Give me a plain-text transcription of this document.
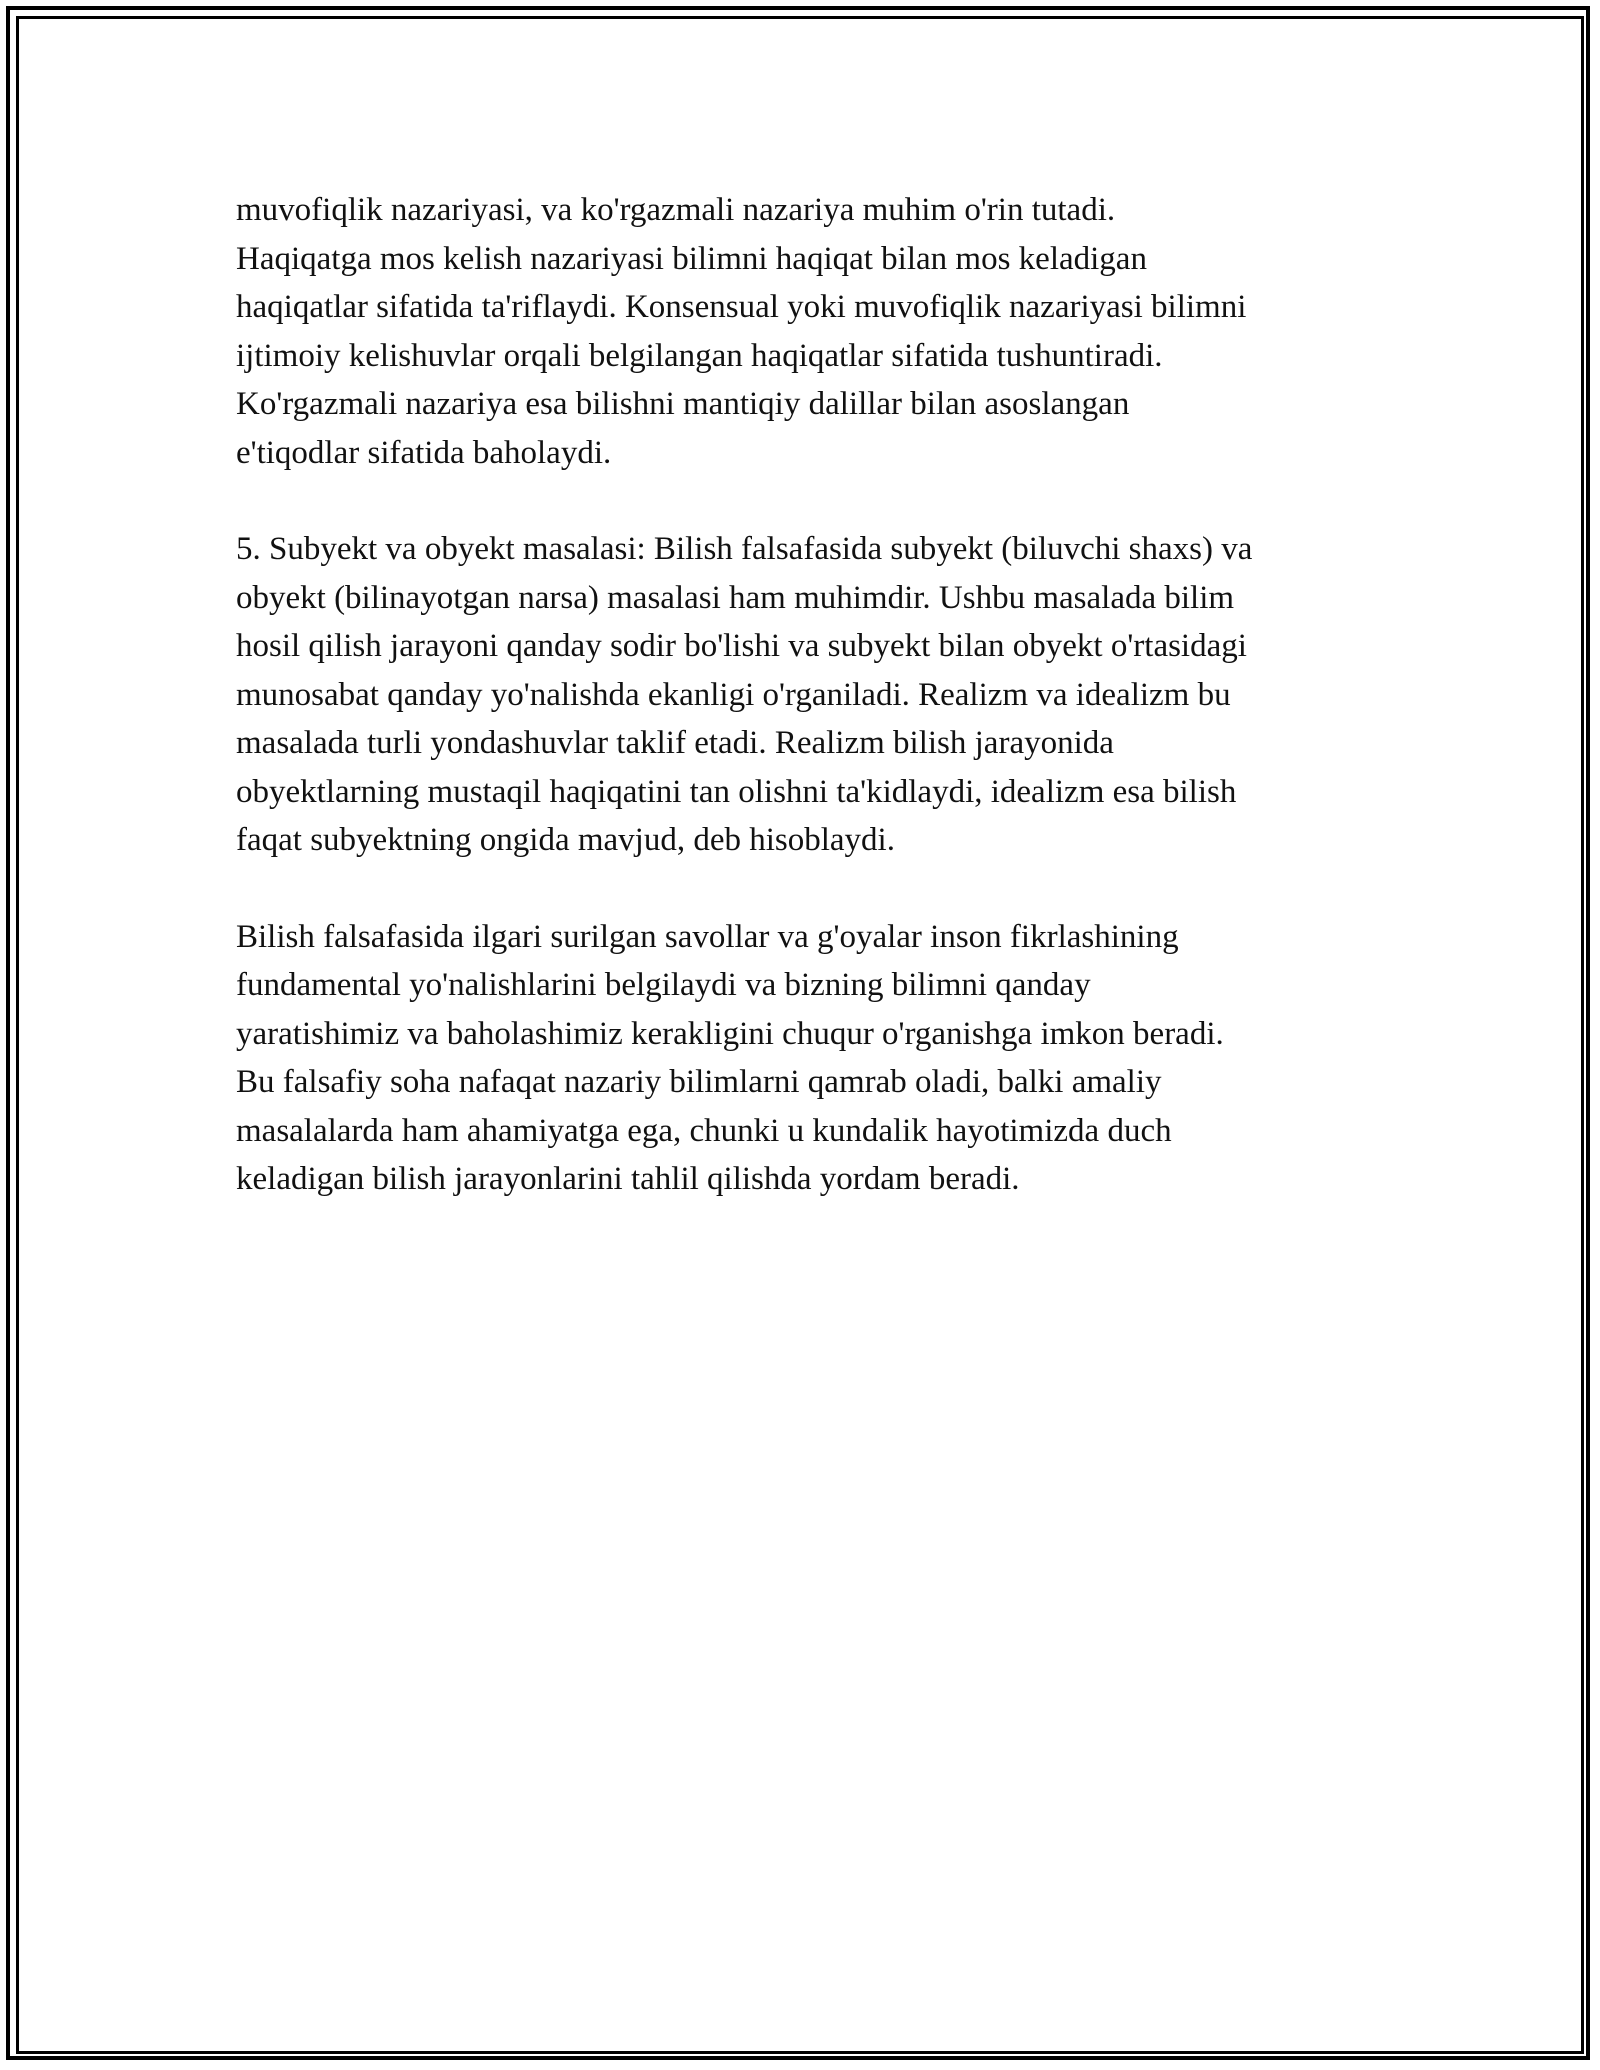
muvofiqlik nazariyasi, va ko'rgazmali nazariya muhim o'rin tutadi.
Haqiqatga mos kelish nazariyasi bilimni haqiqat bilan mos keladigan
haqiqatlar sifatida ta'riflaydi. Konsensual yoki muvofiqlik nazariyasi bilimni
ijtimoiy kelishuvlar orqali belgilangan haqiqatlar sifatida tushuntiradi.
Ko'rgazmali nazariya esa bilishni mantiqiy dalillar bilan asoslangan
e'tiqodlar sifatida baholaydi.
5. Subyekt va obyekt masalasi: Bilish falsafasida subyekt (biluvchi shaxs) va
obyekt (bilinayotgan narsa) masalasi ham muhimdir. Ushbu masalada bilim
hosil qilish jarayoni qanday sodir bo'lishi va subyekt bilan obyekt o'rtasidagi
munosabat qanday yo'nalishda ekanligi o'rganiladi. Realizm va idealizm bu
masalada turli yondashuvlar taklif etadi. Realizm bilish jarayonida
obyektlarning mustaqil haqiqatini tan olishni ta'kidlaydi, idealizm esa bilish
faqat subyektning ongida mavjud, deb hisoblaydi.
Bilish falsafasida ilgari surilgan savollar va g'oyalar inson fikrlashining
fundamental yo'nalishlarini belgilaydi va bizning bilimni qanday
yaratishimiz va baholashimiz kerakligini chuqur o'rganishga imkon beradi.
Bu falsafiy soha nafaqat nazariy bilimlarni qamrab oladi, balki amaliy
masalalarda ham ahamiyatga ega, chunki u kundalik hayotimizda duch
keladigan bilish jarayonlarini tahlil qilishda yordam beradi.
